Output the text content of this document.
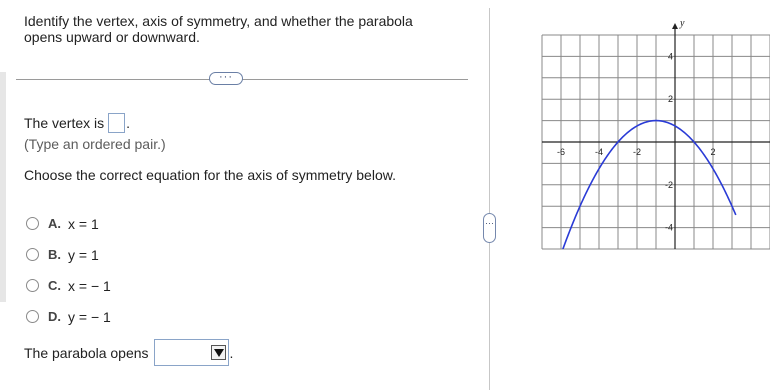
Identify the vertex, axis of symmetry, and whether the parabola
opens upward or downward.
···
The vertex is .
(Type an ordered pair.)
Choose the correct equation for the axis of symmetry below.
A. x = 1
B. y = 1
C. x = − 1
D. y = − 1
The parabola opens	.
···
-6	-4	-2	2
4
2
-2
-4
y
